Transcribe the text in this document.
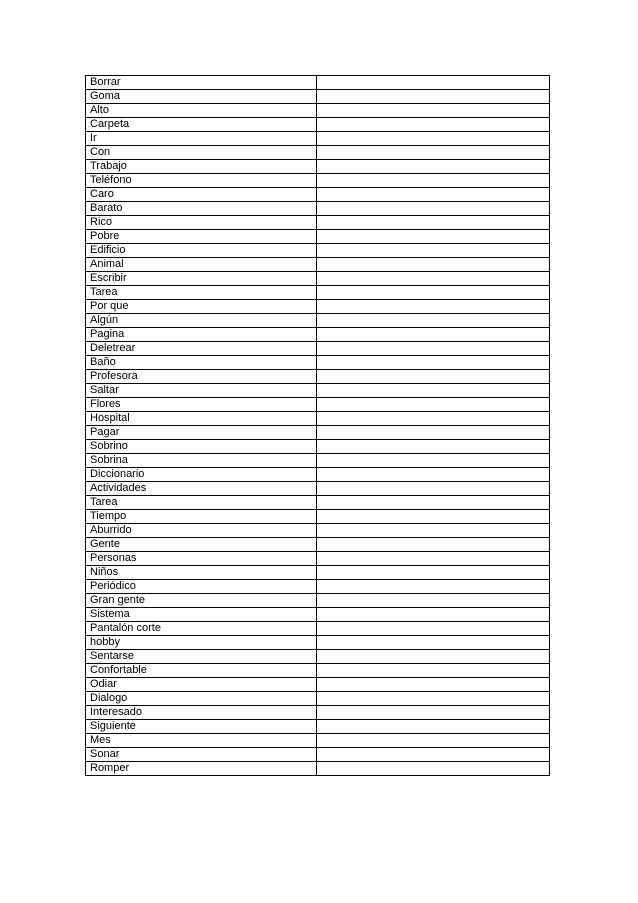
Borrar	
Goma	
Alto	
Carpeta	
Ir	
Con	
Trabajo	
Teléfono	
Caro	
Barato	
Rico	
Pobre	
Edificio	
Animal	
Escribir	
Tarea	
Por que	
Algún	
Pagina	
Deletrear	
Baño	
Profesora	
Saltar	
Flores	
Hospital	
Pagar	
Sobrino	
Sobrina	
Diccionario	
Actividades	
Tarea	
Tiempo	
Aburrido	
Gente	
Personas	
Niños	
Periódico	
Gran gente	
Sistema	
Pantalón corte	
hobby	
Sentarse	
Confortable	
Odiar	
Dialogo	
Interesado	
Siguiente	
Mes	
Sonar	
Romper	
